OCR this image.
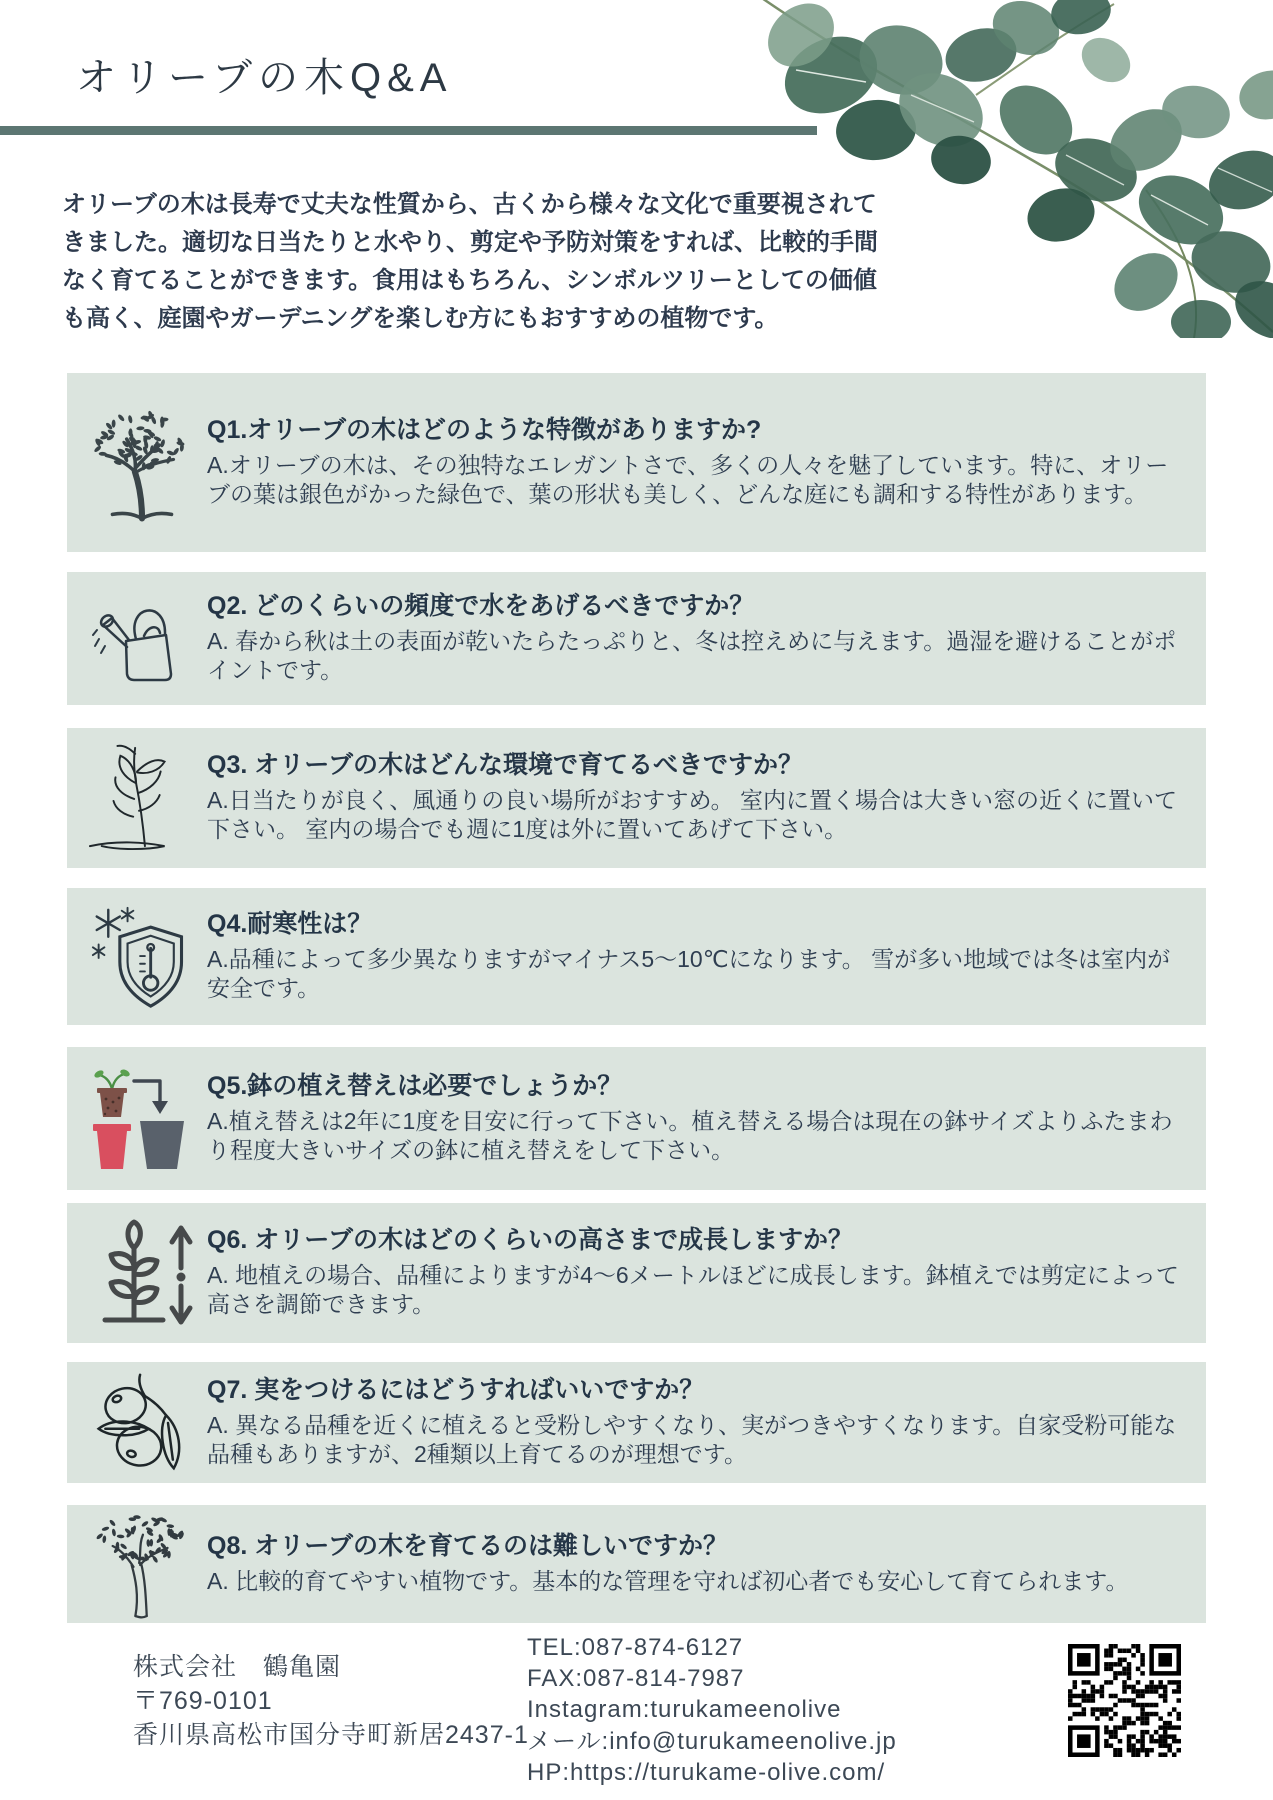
オリーブの木Q&A

オリーブの木は長寿で丈夫な性質から、古くから様々な文化で重要視されてきました。適切な日当たりと水やり、剪定や予防対策をすれば、比較的手間なく育てることができます。食用はもちろん、シンボルツリーとしての価値も高く、庭園やガーデニングを楽しむ方にもおすすめの植物です。

Q1.オリーブの木はどのような特徴がありますか?

A.オリーブの木は、その独特なエレガントさで、多くの人々を魅了しています。特に、オリーブの葉は銀色がかった緑色で、葉の形状も美しく、どんな庭にも調和する特性があります。

Q2. どのくらいの頻度で水をあげるべきですか？

A. 春から秋は土の表面が乾いたらたっぷりと、冬は控えめに与えます。過湿を避けることがポイントです。

Q3. オリーブの木はどんな環境で育てるべきですか？

A.日当たりが良く、風通りの良い場所がおすすめ。 室内に置く場合は大きい窓の近くに置いて下さい。 室内の場合でも週に1度は外に置いてあげて下さい。

Q4.耐寒性は？

A.品種によって多少異なりますがマイナス5～10℃になります。 雪が多い地域では冬は室内が安全です。

Q5.鉢の植え替えは必要でしょうか？

A.植え替えは2年に1度を目安に行って下さい。植え替える場合は現在の鉢サイズよりふたまわり程度大きいサイズの鉢に植え替えをして下さい。

Q6. オリーブの木はどのくらいの高さまで成長しますか？

A. 地植えの場合、品種によりますが4〜6メートルほどに成長します。鉢植えでは剪定によって高さを調節できます。

Q7. 実をつけるにはどうすればいいですか？

A. 異なる品種を近くに植えると受粉しやすくなり、実がつきやすくなります。自家受粉可能な品種もありますが、2種類以上育てるのが理想です。

Q8. オリーブの木を育てるのは難しいですか？

A. 比較的育てやすい植物です。基本的な管理を守れば初心者でも安心して育てられます。

株式会社　鶴亀園
〒769-0101
香川県高松市国分寺町新居2437-1
TEL:087-874-6127
FAX:087-814-7987
Instagram:turukameenolive
メール:info@turukameenolive.jp
HP:https://turukame-olive.com/
